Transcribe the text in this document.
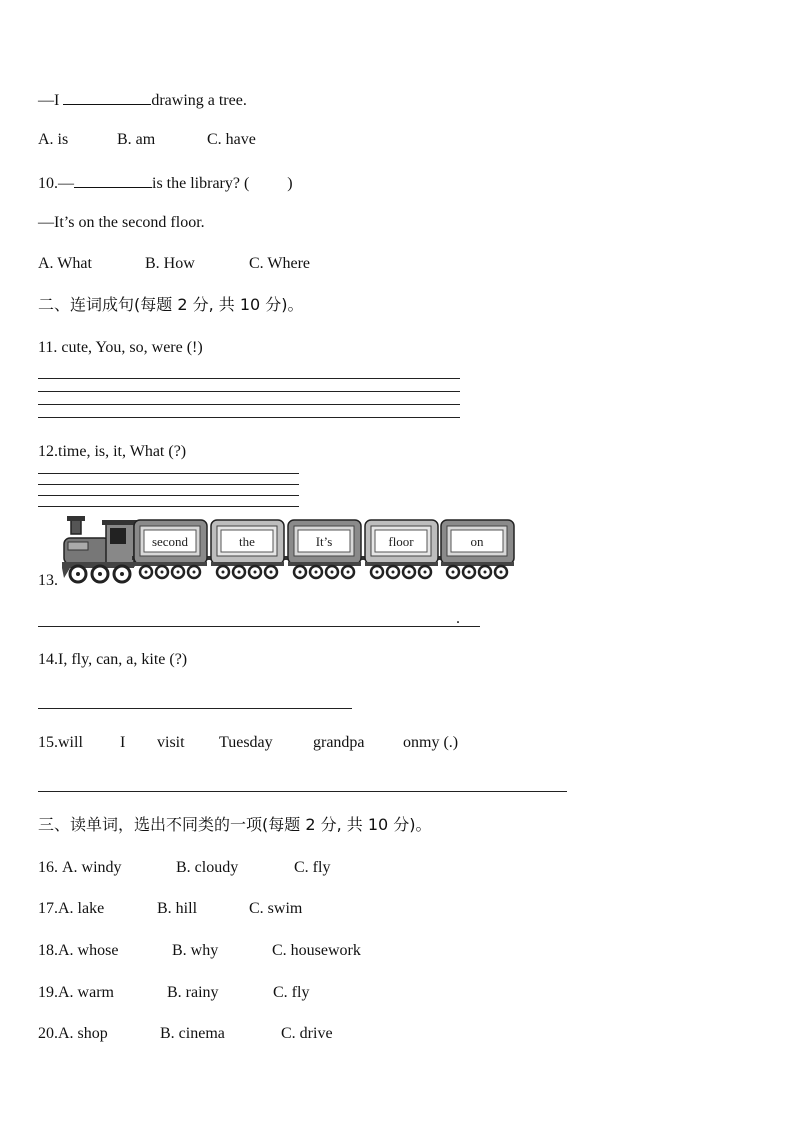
—I	drawing a tree.
A. is	B. am	C. have
10.—	is the library? ( )
—It’s on the second floor.
A. What	B. How	C. Where
二、连词成句(每题 2 分, 共 10 分)。
11. cute, You, so, were (!)
12.time, is, it, What (?)
13.
second	the	It’s	floor	on
.
14.I, fly, can, a, kite (?)
15.will I visit Tuesday	grandpa onmy (.)
三、读单词，选出不同类的一项(每题 2 分, 共 10 分)。
16. A. windy	B. cloudy	C. fly
17.A. lake	B. hill	C. swim
18.A. whose	B. why	C. housework
19.A. warm	B. rainy	C. fly
20.A. shop	B. cinema	C. drive
